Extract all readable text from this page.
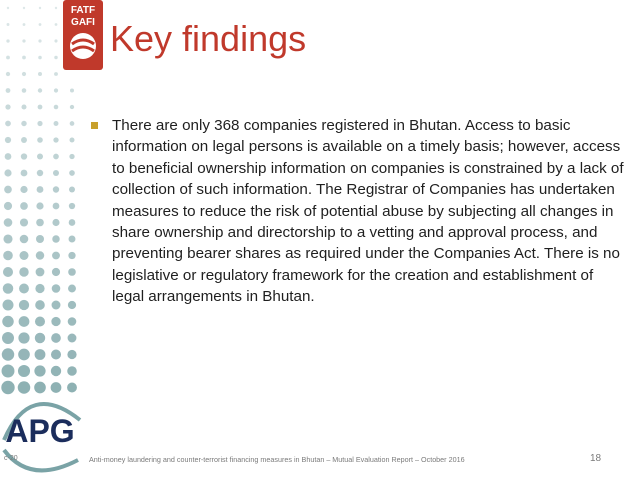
FATF
GAFI Key findings
There are only 368 companies registered in Bhutan. Access to basic information on legal persons is available on a timely basis; however, access to beneficial ownership information on companies is constrained by a lack of collection of such information. The Registrar of Companies has undertaken measures to reduce the risk of potential abuse by subjecting all changes in share ownership and directorship to a vetting and approval process, and preventing bearer shares as required under the Companies Act. There is no legislative or regulatory framework for the creation and establishment of legal arrangements in Bhutan.
APG
c-20	Anti-money laundering and counter-terrorist financing measures in Bhutan – Mutual Evaluation Report – October 2016	18
